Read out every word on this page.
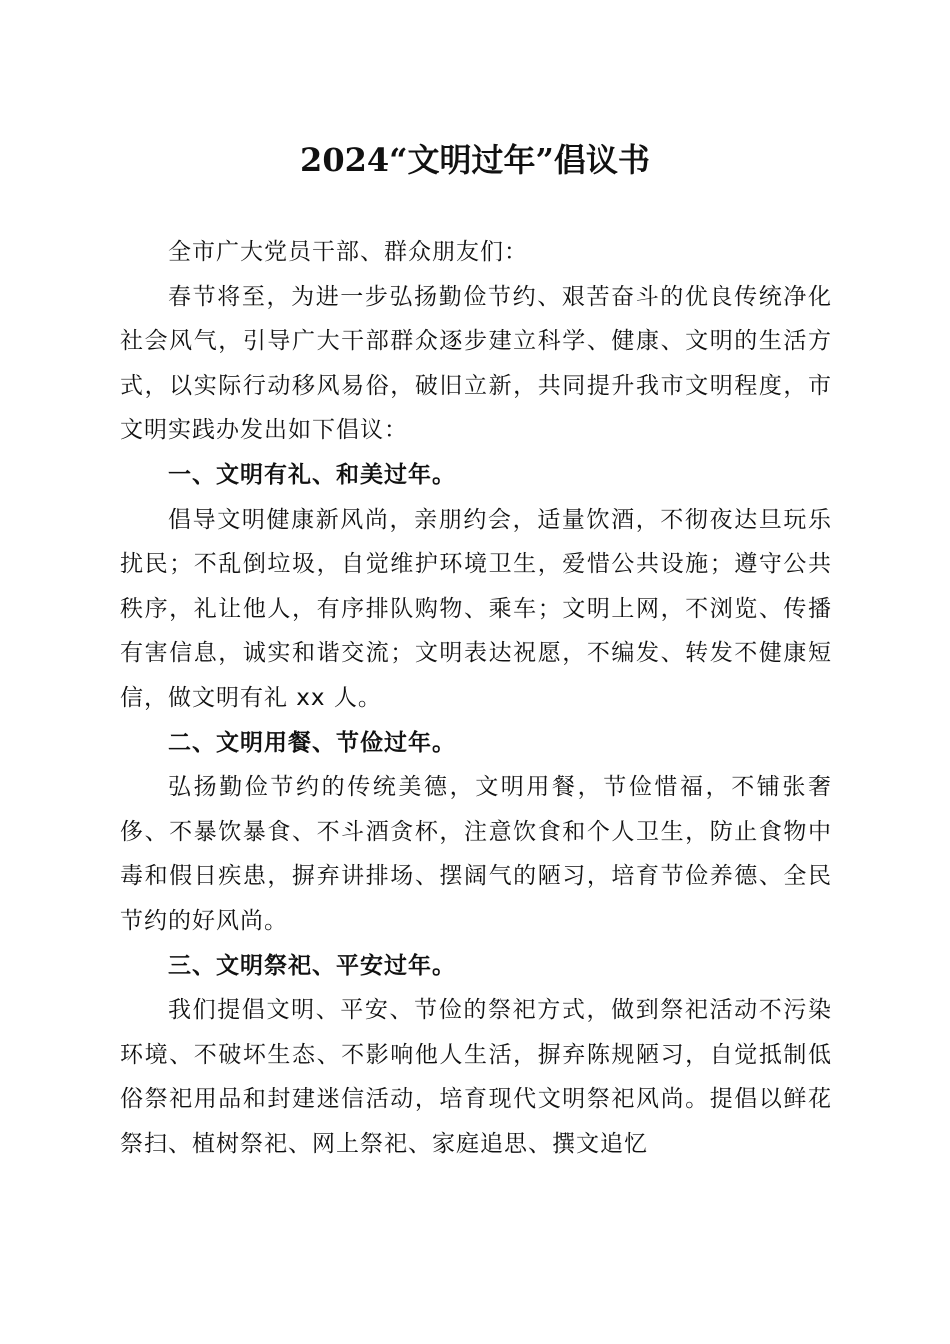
2024“文明过年”倡议书

全市广大党员干部、群众朋友们：

春节将至，为进一步弘扬勤俭节约、艰苦奋斗的优良传统净化社会风气，引导广大干部群众逐步建立科学、健康、文明的生活方式，以实际行动移风易俗，破旧立新，共同提升我市文明程度，市文明实践办发出如下倡议：

一、文明有礼、和美过年。

倡导文明健康新风尚，亲朋约会，适量饮酒，不彻夜达旦玩乐扰民；不乱倒垃圾，自觉维护环境卫生，爱惜公共设施；遵守公共秩序，礼让他人，有序排队购物、乘车；文明上网，不浏览、传播有害信息，诚实和谐交流；文明表达祝愿，不编发、转发不健康短信，做文明有礼 xx 人。

二、文明用餐、节俭过年。

弘扬勤俭节约的传统美德，文明用餐，节俭惜福，不铺张奢侈、不暴饮暴食、不斗酒贪杯，注意饮食和个人卫生，防止食物中毒和假日疾患，摒弃讲排场、摆阔气的陋习，培育节俭养德、全民节约的好风尚。

三、文明祭祀、平安过年。

我们提倡文明、平安、节俭的祭祀方式，做到祭祀活动不污染环境、不破坏生态、不影响他人生活，摒弃陈规陋习，自觉抵制低俗祭祀用品和封建迷信活动，培育现代文明祭祀风尚。提倡以鲜花祭扫、植树祭祀、网上祭祀、家庭追思、撰文追忆
